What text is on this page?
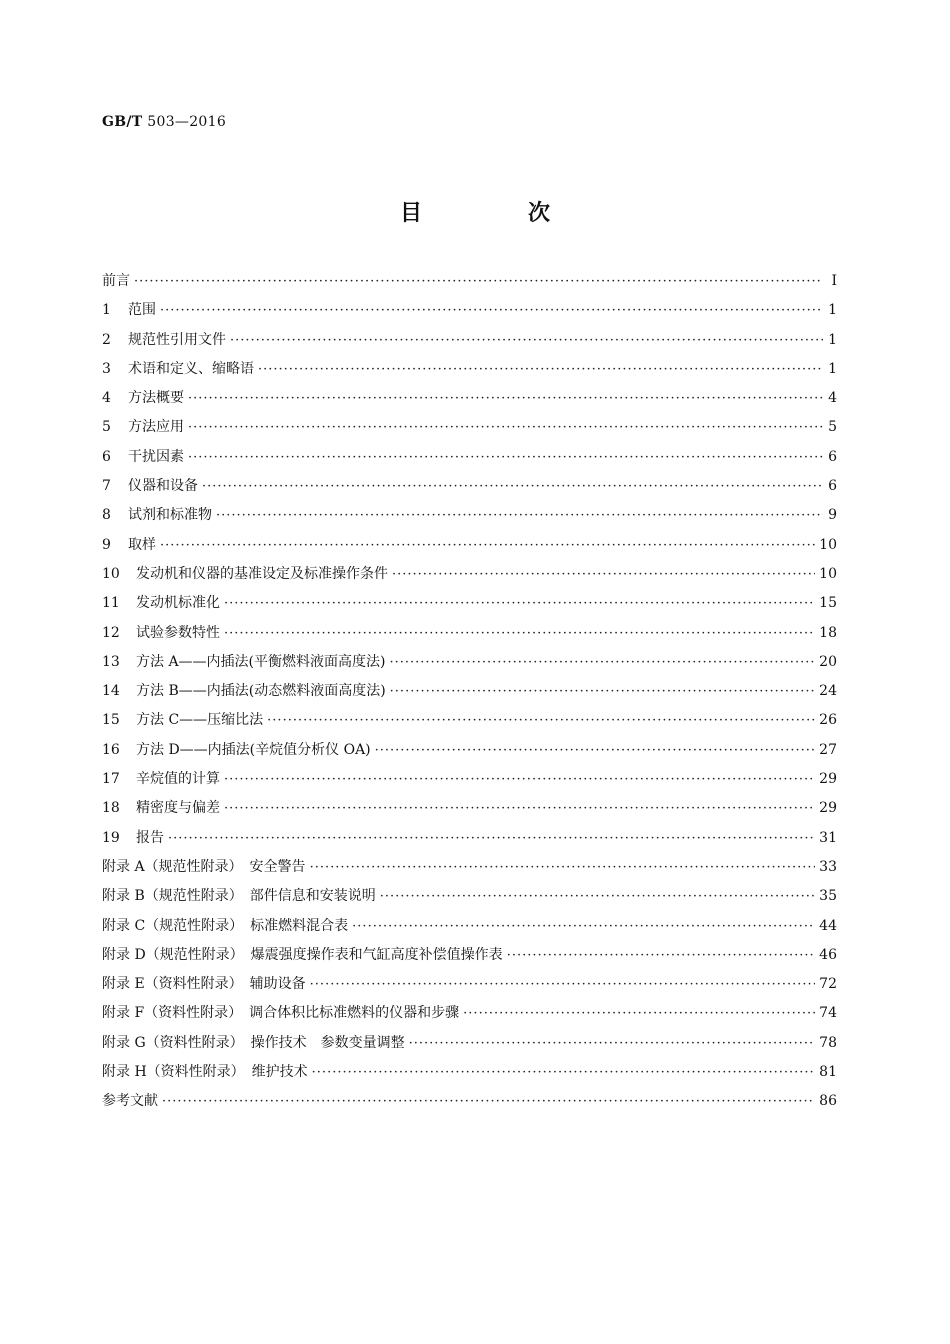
GB/T 503—2016
目　次
前言 ·····	Ⅰ
1	范围 ·····	1
2	规范性引用文件 ·····	1
3	术语和定义、缩略语 ·····	1
4	方法概要 ·····	4
5	方法应用 ·····	5
6	干扰因素 ·····	6
7	仪器和设备 ·····	6
8	试剂和标准物 ·····	9
9	取样 ·····	10
10	发动机和仪器的基准设定及标准操作条件 ·····	10
11	发动机标准化 ·····	15
12	试验参数特性 ·····	18
13	方法 A——内插法(平衡燃料液面高度法) ·····	20
14	方法 B——内插法(动态燃料液面高度法) ·····	24
15	方法 C——压缩比法 ·····	26
16	方法 D——内插法(辛烷值分析仪 OA) ·····	27
17	辛烷值的计算 ·····	29
18	精密度与偏差 ·····	29
19	报告 ·····	31
附录 A（规范性附录）　安全警告 ·····	33
附录 B（规范性附录）　部件信息和安装说明 ·····	35
附录 C（规范性附录）　标准燃料混合表 ·····	44
附录 D（规范性附录）　爆震强度操作表和气缸高度补偿值操作表 ·····	46
附录 E（资料性附录）　辅助设备 ·····	72
附录 F（资料性附录）　调合体积比标准燃料的仪器和步骤 ·····	74
附录 G（资料性附录）　操作技术　参数变量调整 ·····	78
附录 H（资料性附录）　维护技术 ·····	81
参考文献 ·····	86
